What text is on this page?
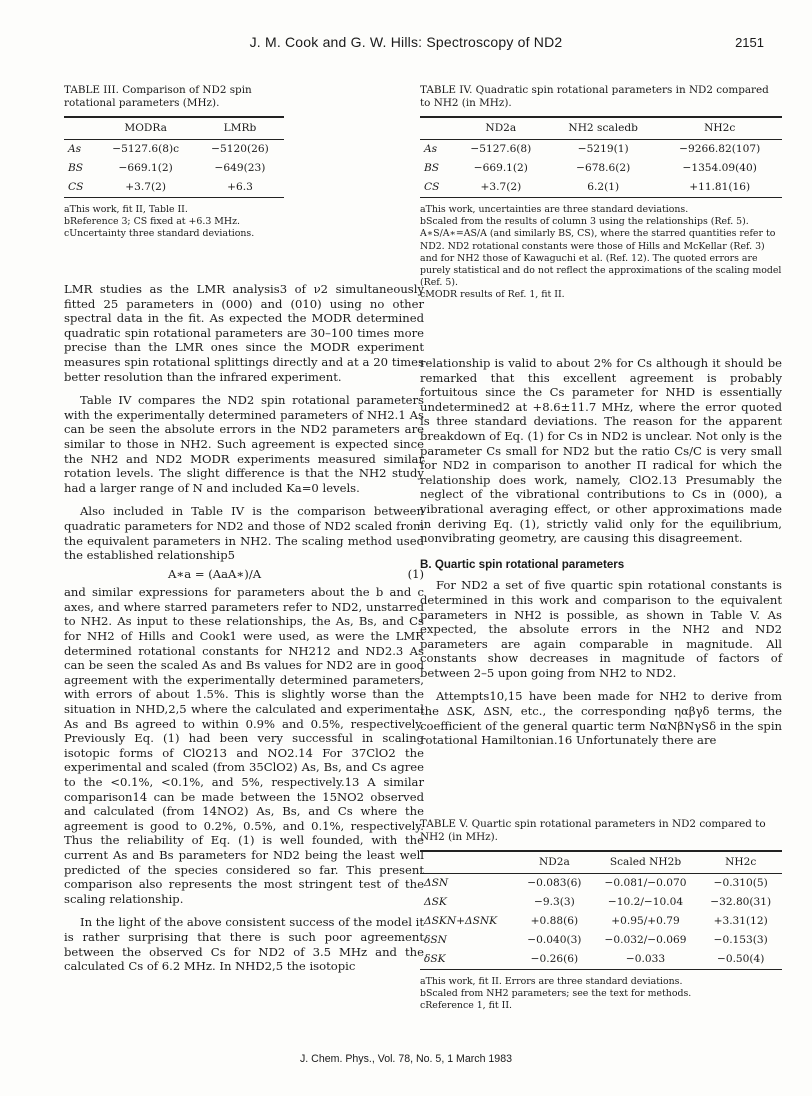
J. M. Cook and G. W. Hills: Spectroscopy of ND2	2151
TABLE III. Comparison of ND2 spin rotational parameters (MHz).
	MODRa	LMRb
As	−5127.6(8)c	−5120(26)
BS	−669.1(2)	−649(23)
CS	+3.7(2)	+6.3

aThis work, fit II, Table II.

bReference 3; CS fixed at +6.3 MHz.

cUncertainty three standard deviations.

LMR studies as the LMR analysis3 of ν2 simultaneously fitted 25 parameters in (000) and (010) using no other spectral data in the fit. As expected the MODR determined quadratic spin rotational parameters are 30–100 times more precise than the LMR ones since the MODR experiment measures spin rotational splittings directly and at a 20 times better resolution than the infrared experiment.

Table IV compares the ND2 spin rotational parameters with the experimentally determined parameters of NH2.1 As can be seen the absolute errors in the ND2 parameters are similar to those in NH2. Such agreement is expected since the NH2 and ND2 MODR experiments measured similar rotation levels. The slight difference is that the NH2 study had a larger range of N and included Ka=0 levels.

Also included in Table IV is the comparison between quadratic parameters for ND2 and those of ND2 scaled from the equivalent parameters in NH2. The scaling method used the established relationship5

A∗a = (AaA∗)/A	(1)

and similar expressions for parameters about the b and c axes, and where starred parameters refer to ND2, unstarred to NH2. As input to these relationships, the As, Bs, and Cs for NH2 of Hills and Cook1 were used, as were the LMR determined rotational constants for NH212 and ND2.3 As can be seen the scaled As and Bs values for ND2 are in good agreement with the experimentally determined parameters, with errors of about 1.5%. This is slightly worse than the situation in NHD,2,5 where the calculated and experimental As and Bs agreed to within 0.9% and 0.5%, respectively. Previously Eq. (1) had been very successful in scaling isotopic forms of ClO213 and NO2.14 For 37ClO2 the experimental and scaled (from 35ClO2) As, Bs, and Cs agree to the <0.1%, <0.1%, and 5%, respectively.13 A similar comparison14 can be made between the 15NO2 observed and calculated (from 14NO2) As, Bs, and Cs where the agreement is good to 0.2%, 0.5%, and 0.1%, respectively. Thus the reliability of Eq. (1) is well founded, with the current As and Bs parameters for ND2 being the least well predicted of the species considered so far. This present comparison also represents the most stringent test of the scaling relationship.

In the light of the above consistent success of the model it is rather surprising that there is such poor agreement between the observed Cs for ND2 of 3.5 MHz and the calculated Cs of 6.2 MHz. In NHD2,5 the isotopic

TABLE IV. Quadratic spin rotational parameters in ND2 compared to NH2 (in MHz).
	ND2a	NH2 scaledb	NH2c
As	−5127.6(8)	−5219(1)	−9266.82(107)
BS	−669.1(2)	−678.6(2)	−1354.09(40)
CS	+3.7(2)	6.2(1)	+11.81(16)

aThis work, uncertainties are three standard deviations.

bScaled from the results of column 3 using the relationships (Ref. 5). A∗S/A∗=AS/A (and similarly BS, CS), where the starred quantities refer to ND2. ND2 rotational constants were those of Hills and McKellar (Ref. 3) and for NH2 those of Kawaguchi et al. (Ref. 12). The quoted errors are purely statistical and do not reflect the approximations of the scaling model (Ref. 5).

cMODR results of Ref. 1, fit II.

relationship is valid to about 2% for Cs although it should be remarked that this excellent agreement is probably fortuitous since the Cs parameter for NHD is essentially undetermined2 at +8.6±11.7 MHz, where the error quoted is three standard deviations. The reason for the apparent breakdown of Eq. (1) for Cs in ND2 is unclear. Not only is the parameter Cs small for ND2 but the ratio Cs/C is very small for ND2 in comparison to another Π radical for which the relationship does work, namely, ClO2.13 Presumably the neglect of the vibrational contributions to Cs in (000), a vibrational averaging effect, or other approximations made in deriving Eq. (1), strictly valid only for the equilibrium, nonvibrating geometry, are causing this disagreement.

B. Quartic spin rotational parameters

For ND2 a set of five quartic spin rotational constants is determined in this work and comparison to the equivalent parameters in NH2 is possible, as shown in Table V. As expected, the absolute errors in the NH2 and ND2 parameters are again comparable in magnitude. All constants show decreases in magnitude of factors of between 2–5 upon going from NH2 to ND2.

Attempts10,15 have been made for NH2 to derive from the ΔSK, ΔSN, etc., the corresponding ηαβγδ terms, the coefficient of the general quartic term NαNβNγSδ in the spin rotational Hamiltonian.16 Unfortunately there are

TABLE V. Quartic spin rotational parameters in ND2 compared to NH2 (in MHz).
	ND2a	Scaled NH2b	NH2c
ΔSN	−0.083(6)	−0.081/−0.070	−0.310(5)
ΔSK	−9.3(3)	−10.2/−10.04	−32.80(31)
ΔSKN+ΔSNK	+0.88(6)	+0.95/+0.79	+3.31(12)
δSN	−0.040(3)	−0.032/−0.069	−0.153(3)
δSK	−0.26(6)	−0.033	−0.50(4)

aThis work, fit II. Errors are three standard deviations.

bScaled from NH2 parameters; see the text for methods.

cReference 1, fit II.

J. Chem. Phys., Vol. 78, No. 5, 1 March 1983
